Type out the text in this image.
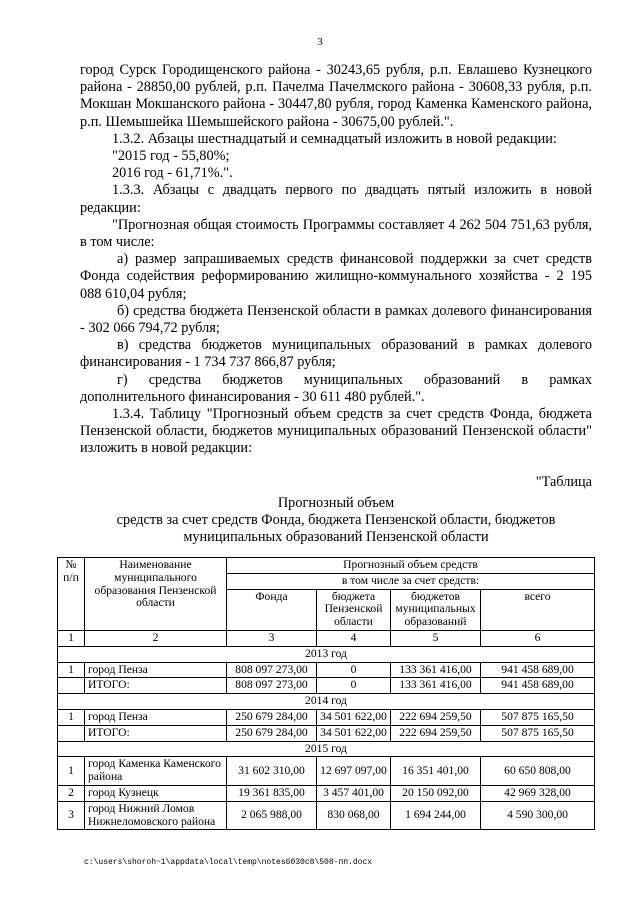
3

город Сурск Городищенского района - 30243,65 рубля, р.п. Евлашево Кузнецкого района - 28850,00 рублей, р.п. Пачелма Пачелмского района - 30608,33 рубля, р.п. Мокшан Мокшанского района - 30447,80 рубля, город Каменка Каменского района, р.п. Шемышейка Шемышейского района - 30675,00 рублей.".

1.3.2. Абзацы шестнадцатый и семнадцатый изложить в новой редакции:

"2015 год - 55,80%;

2016 год - 61,71%.".

1.3.3. Абзацы с двадцать первого по двадцать пятый изложить в новой редакции:

"Прогнозная общая стоимость Программы составляет 4 262 504 751,63 рубля, в том числе:

а) размер запрашиваемых средств финансовой поддержки за счет средств Фонда содействия реформированию жилищно-коммунального хозяйства - 2 195 088 610,04 рубля;

б) средства бюджета Пензенской области в рамках долевого финансирования - 302 066 794,72 рубля;

в) средства бюджетов муниципальных образований в рамках долевого финансирования - 1 734 737 866,87 рубля;

г) средства бюджетов муниципальных образований в рамках дополнительного финансирования - 30 611 480 рублей.".

1.3.4. Таблицу "Прогнозный объем средств за счет средств Фонда, бюджета Пензенской области, бюджетов муниципальных образований Пензенской области" изложить в новой редакции:

"Таблица

Прогнозный объем

средств за счет средств Фонда, бюджета Пензенской области, бюджетов

муниципальных образований Пензенской области

№ п/п	Наименование муниципального образования Пензенской области	Прогнозный объем средств			
		в том числе за счет средств:			
		Фонда	бюджета Пензенской области	бюджетов муниципальных образований	всего
1	2	3	4	5	6
2013 год					
1	город Пенза	808 097 273,00	0	133 361 416,00	941 458 689,00
	ИТОГО:	808 097 273,00	0	133 361 416,00	941 458 689,00
2014 год					
1	город Пенза	250 679 284,00	34 501 622,00	222 694 259,50	507 875 165,50
	ИТОГО:	250 679 284,00	34 501 622,00	222 694 259,50	507 875 165,50
2015 год					
1	город Каменка Каменского района	31 602 310,00	12 697 097,00	16 351 401,00	60 650 808,00
2	город Кузнецк	19 361 835,00	3 457 401,00	20 150 092,00	42 969 328,00
3	город Нижний Ломов Нижнеломовского района	2 065 988,00	830 068,00	1 694 244,00	4 590 300,00
c:\users\shoroh~1\appdata\local\temp\notes6030c8\508-пп.docx
